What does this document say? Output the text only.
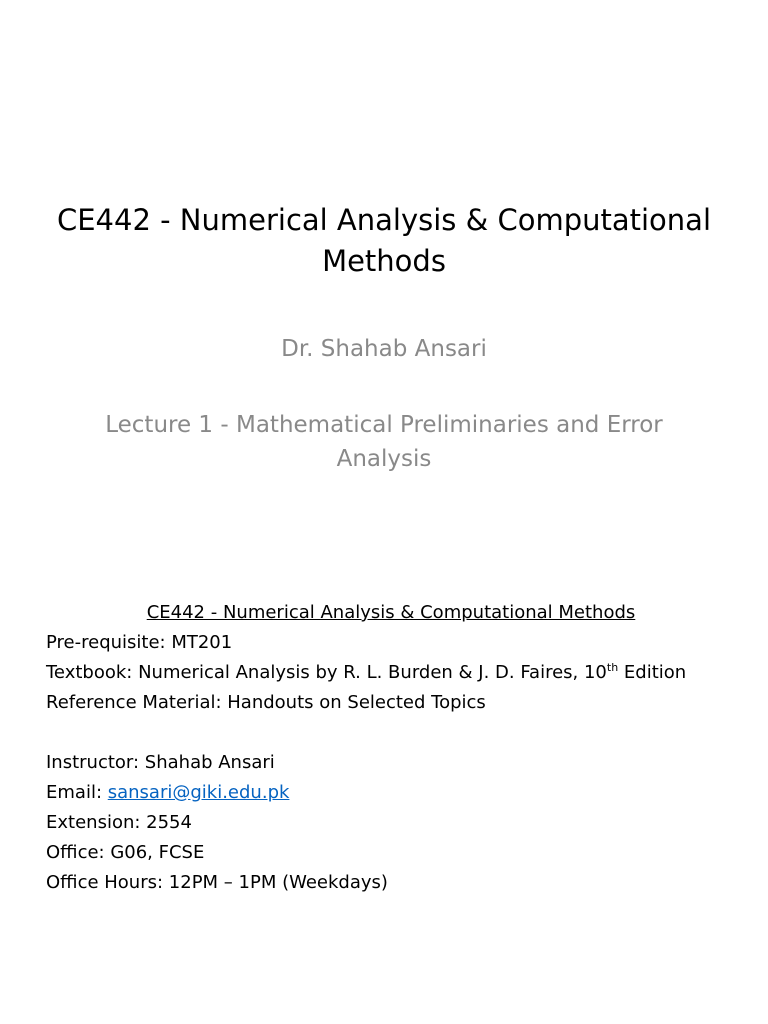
CE442 - Numerical Analysis & Computational Methods
Dr. Shahab Ansari
Lecture 1 - Mathematical Preliminaries and Error Analysis
CE442 - Numerical Analysis & Computational Methods
Pre-requisite: MT201
Textbook: Numerical Analysis by R. L. Burden & J. D. Faires, 10th Edition
Reference Material: Handouts on Selected Topics
Instructor: Shahab Ansari
Email: sansari@giki.edu.pk
Extension: 2554
Office: G06, FCSE
Office Hours: 12PM – 1PM (Weekdays)
